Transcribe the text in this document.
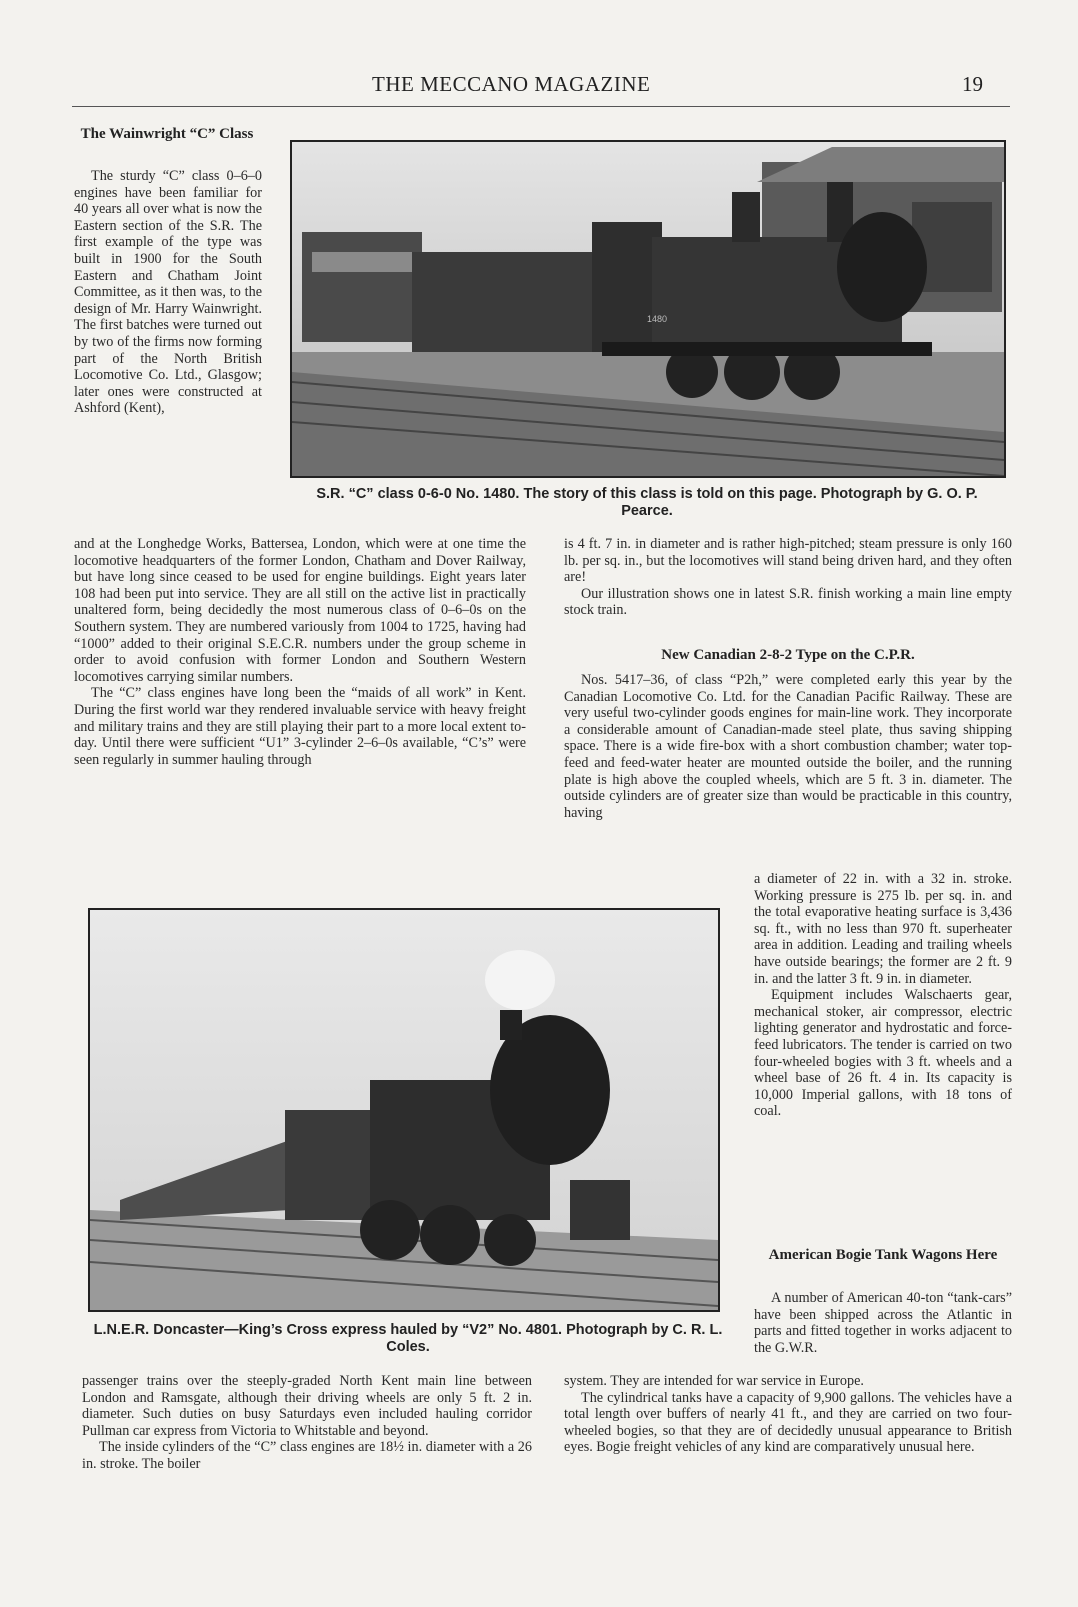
THE MECCANO MAGAZINE	19
The Wainwright “C” Class
The sturdy “C” class 0–6–0 engines have been familiar for 40 years all over what is now the Eastern section of the S.R. The first example of the type was built in 1900 for the South Eastern and Chatham Joint Committee, as it then was, to the design of Mr. Harry Wainwright. The first batches were turned out by two of the firms now forming part of the North British Locomotive Co. Ltd., Glasgow; later ones were constructed at Ashford (Kent),
1480
S.R. “C” class 0-6-0 No. 1480. The story of this class is told on this page. Photograph by G. O. P. Pearce.

and at the Longhedge Works, Battersea, London, which were at one time the locomotive headquarters of the former London, Chatham and Dover Railway, but have long since ceased to be used for engine buildings. Eight years later 108 had been put into service. They are all still on the active list in practically unaltered form, being decidedly the most numerous class of 0–6–0s on the Southern system. They are numbered variously from 1004 to 1725, having had “1000” added to their original S.E.C.R. numbers under the group scheme in order to avoid confusion with former London and Southern Western locomotives carrying similar numbers.

The “C” class engines have long been the “maids of all work” in Kent. During the first world war they rendered invaluable service with heavy freight and military trains and they are still playing their part to a more local extent to-day. Until there were sufficient “U1” 3-cylinder 2–6–0s available, “C’s” were seen regularly in summer hauling through

is 4 ft. 7 in. in diameter and is rather high-pitched; steam pressure is only 160 lb. per sq. in., but the locomotives will stand being driven hard, and they often are!

Our illustration shows one in latest S.R. finish working a main line empty stock train.

New Canadian 2-8-2 Type on the C.P.R.
Nos. 5417–36, of class “P2h,” were completed early this year by the Canadian Locomotive Co. Ltd. for the Canadian Pacific Railway. These are very useful two-cylinder goods engines for main-line work. They incorporate a considerable amount of Canadian-made steel plate, thus saving shipping space. There is a wide fire-box with a short combustion chamber; water top-feed and feed-water heater are mounted outside the boiler, and the running plate is high above the coupled wheels, which are 5 ft. 3 in. diameter. The outside cylinders are of greater size than would be practicable in this country, having
L.N.E.R. Doncaster—King’s Cross express hauled by “V2” No. 4801. Photograph by C. R. L. Coles.

a diameter of 22 in. with a 32 in. stroke. Working pressure is 275 lb. per sq. in. and the total evaporative heating surface is 3,436 sq. ft., with no less than 970 ft. superheater area in addition. Leading and trailing wheels have outside bearings; the former are 2 ft. 9 in. and the latter 3 ft. 9 in. in diameter.

Equipment includes Walschaerts gear, mechanical stoker, air compressor, electric lighting generator and hydrostatic and force-feed lubricators. The tender is carried on two four-wheeled bogies with 3 ft. wheels and a wheel base of 26 ft. 4 in. Its capacity is 10,000 Imperial gallons, with 18 tons of coal.

American Bogie Tank Wagons Here
A number of American 40-ton “tank-cars” have been shipped across the Atlantic in parts and fitted together in works adjacent to the G.W.R.

passenger trains over the steeply-graded North Kent main line between London and Ramsgate, although their driving wheels are only 5 ft. 2 in. diameter. Such duties on busy Saturdays even included hauling corridor Pullman car express from Victoria to Whitstable and beyond.

The inside cylinders of the “C” class engines are 18½ in. diameter with a 26 in. stroke. The boiler

system. They are intended for war service in Europe.

The cylindrical tanks have a capacity of 9,900 gallons. The vehicles have a total length over buffers of nearly 41 ft., and they are carried on two four-wheeled bogies, so that they are of decidedly unusual appearance to British eyes. Bogie freight vehicles of any kind are comparatively unusual here.
